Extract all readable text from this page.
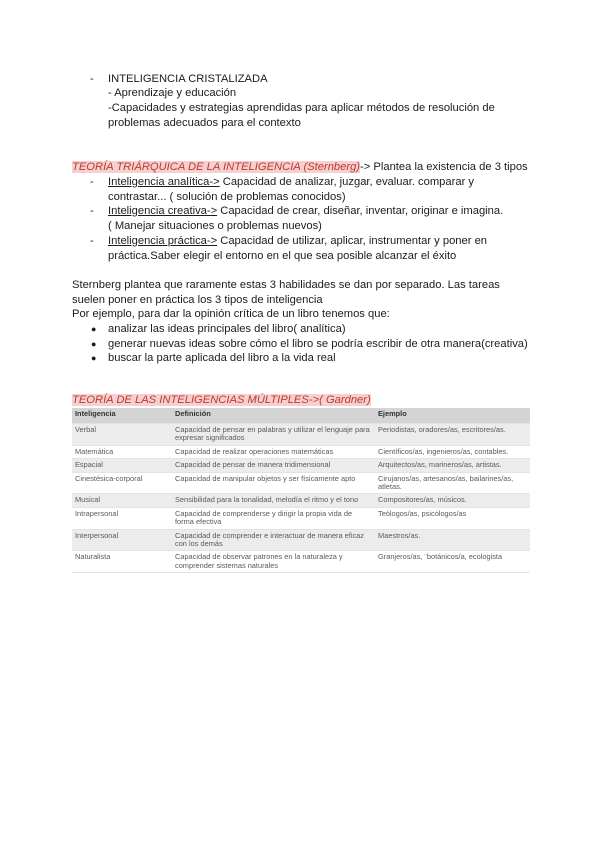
- INTELIGENCIA CRISTALIZADA
- Aprendizaje y educación
-Capacidades y estrategias aprendidas para aplicar métodos de resolución de
problemas adecuados para el contexto
TEORÍA TRIÁRQUICA DE LA INTELIGENCIA (Sternberg)-> Plantea la existencia de 3 tipos
- Inteligencia analítica-> Capacidad de analizar, juzgar, evaluar. comparar y
contrastar... ( solución de problemas conocidos)
- Inteligencia creativa-> Capacidad de crear, diseñar, inventar, originar e imagina.
( Manejar situaciones o problemas nuevos)
- Inteligencia práctica-> Capacidad de utilizar, aplicar, instrumentar y poner en
práctica.Saber elegir el entorno en el que sea posible alcanzar el éxito
Sternberg plantea que raramente estas 3 habilidades se dan por separado. Las tareas
suelen poner en práctica los 3 tipos de inteligencia
Por ejemplo, para dar la opinión crítica de un libro tenemos que:
● analizar las ideas principales del libro( analítica)
● generar nuevas ideas sobre cómo el libro se podría escribir de otra manera(creativa)
● buscar la parte aplicada del libro a la vida real
TEORÍA DE LAS INTELIGENCIAS MÚLTIPLES->( Gardner)
Inteligencia	Definición	Ejemplo
Verbal	Capacidad de pensar en palabras y utilizar el lenguaje para expresar significados	Periodistas, oradores/as, escritores/as.
Matemática	Capacidad de realizar operaciones matemáticas	Científicos/as, ingenieros/as, contables.
Espacial	Capacidad de pensar de manera tridimensional	Arquitectos/as, marineros/as, artistas.
Cinestésica-corporal	Capacidad de manipular objetos y ser físicamente apto	Cirujanos/as, artesanos/as, bailarines/as, atletas.
Musical	Sensibilidad para la tonalidad, melodía el ritmo y el tono	Compositores/as, músicos.
Intrapersonal	Capacidad de comprenderse y dirigir la propia vida de forma efectiva	Teólogos/as, psicólogos/as
Interpersonal	Capacidad de comprender e interactuar de manera eficaz con los demás	Maestros/as.
Naturalista	Capacidad de observar patrones en la naturaleza y comprender sistemas naturales	Granjeros/as, ¨botánicos/a, ecologista
